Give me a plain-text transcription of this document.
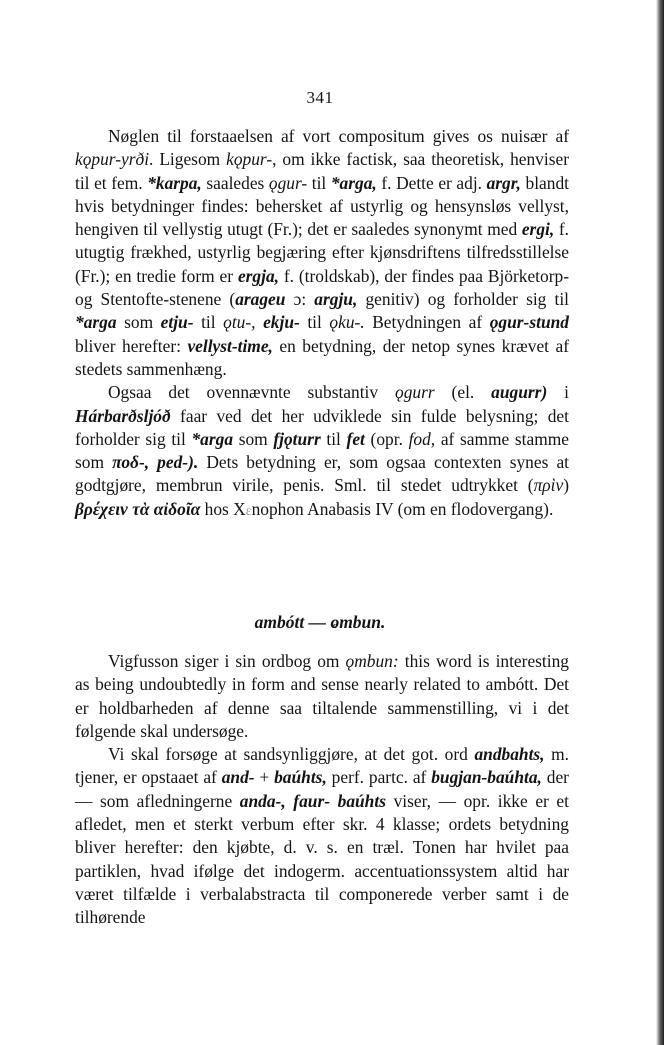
341

Nøglen til forstaaelsen af vort compositum gives os nuisær af kǫpur-yrði. Ligesom kǫpur-, om ikke factisk, saa theoretisk, henviser til et fem. *karpa, saaledes ǫgur- til *arga, f. Dette er adj. argr, blandt hvis betydninger findes: behersket af ustyrlig og hensynsløs vellyst, hengiven til vellystig utugt (Fr.); det er saaledes synonymt med ergi, f. utugtig frækhed, ustyrlig begjæring efter kjønsdriftens tilfredsstillelse (Fr.); en tredie form er ergja, f. (troldskab), der findes paa Björketorp- og Stentofte-stenene (arageu ɔ: argju, genitiv) og forholder sig til *arga som etju- til ǫtu-, ekju- til ǫku-. Betydningen af ǫgur-stund bliver herefter: vellyst-time, en betydning, der netop synes krævet af stedets sammenhæng.

Ogsaa det ovennævnte substantiv ǫgurr (el. augurr) i Hárbarðsljóð faar ved det her udviklede sin fulde belysning; det forholder sig til *arga som fjǫturr til fet (opr. fod, af samme stamme som ποδ-, ped-). Dets betydning er, som ogsaa contexten synes at godtgjøre, membrun virile, penis. Sml. til stedet udtrykket (πρὶν) βρέχειν τὰ αἰδοῖα hos Xεnophon Anabasis IV (om en flodovergang).

ambótt — o cmbun.

Vigfusson siger i sin ordbog om ǫmbun: this word is interesting as being undoubtedly in form and sense nearly related to ambótt. Det er holdbarheden af denne saa tiltalende sammenstilling, vi i det følgende skal undersøge.

Vi skal forsøge at sandsynliggjøre, at det got. ord andbahts, m. tjener, er opstaaet af and- + baúhts, perf. partc. af bugjan-baúhta, der — som afledningerne anda-, faur- baúhts viser, — opr. ikke er et afledet, men et sterkt verbum efter skr. 4 klasse; ordets betydning bliver herefter: den kjøbte, d. v. s. en træl. Tonen har hvilet paa partiklen, hvad ifølge det indogerm. accentuationssystem altid har været tilfælde i verbalabstracta til componerede verber samt i de tilhørende
